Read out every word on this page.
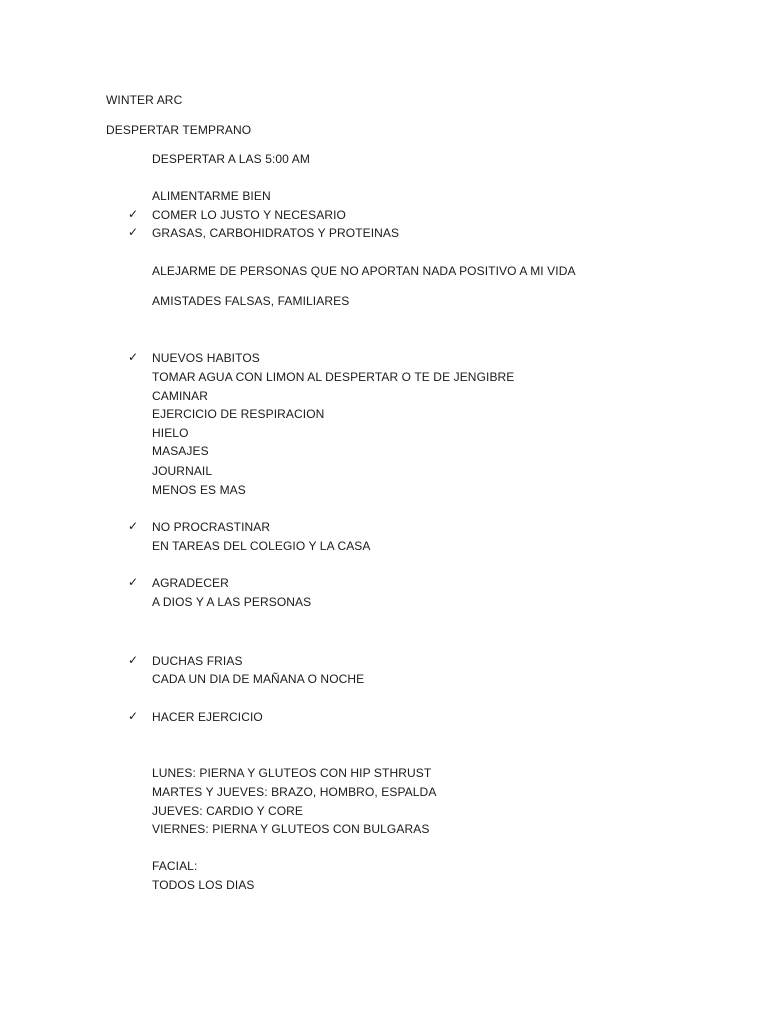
WINTER ARC
DESPERTAR TEMPRANO
DESPERTAR A LAS 5:00 AM
ALIMENTARME BIEN
✓ COMER LO JUSTO Y NECESARIO
✓ GRASAS, CARBOHIDRATOS Y PROTEINAS
ALEJARME DE PERSONAS QUE NO APORTAN NADA POSITIVO A MI VIDA
AMISTADES FALSAS, FAMILIARES
✓ NUEVOS HABITOS
TOMAR AGUA CON LIMON AL DESPERTAR O TE DE JENGIBRE
CAMINAR
EJERCICIO DE RESPIRACION
HIELO
MASAJES
JOURNAIL
MENOS ES MAS
✓ NO PROCRASTINAR
EN TAREAS DEL COLEGIO Y LA CASA
✓ AGRADECER
A DIOS Y A LAS PERSONAS
✓ DUCHAS FRIAS
CADA UN DIA DE MAÑANA O NOCHE
✓ HACER EJERCICIO
LUNES: PIERNA Y GLUTEOS CON HIP STHRUST
MARTES Y JUEVES: BRAZO, HOMBRO, ESPALDA
JUEVES: CARDIO Y CORE
VIERNES: PIERNA Y GLUTEOS CON BULGARAS
FACIAL:
TODOS LOS DIAS
